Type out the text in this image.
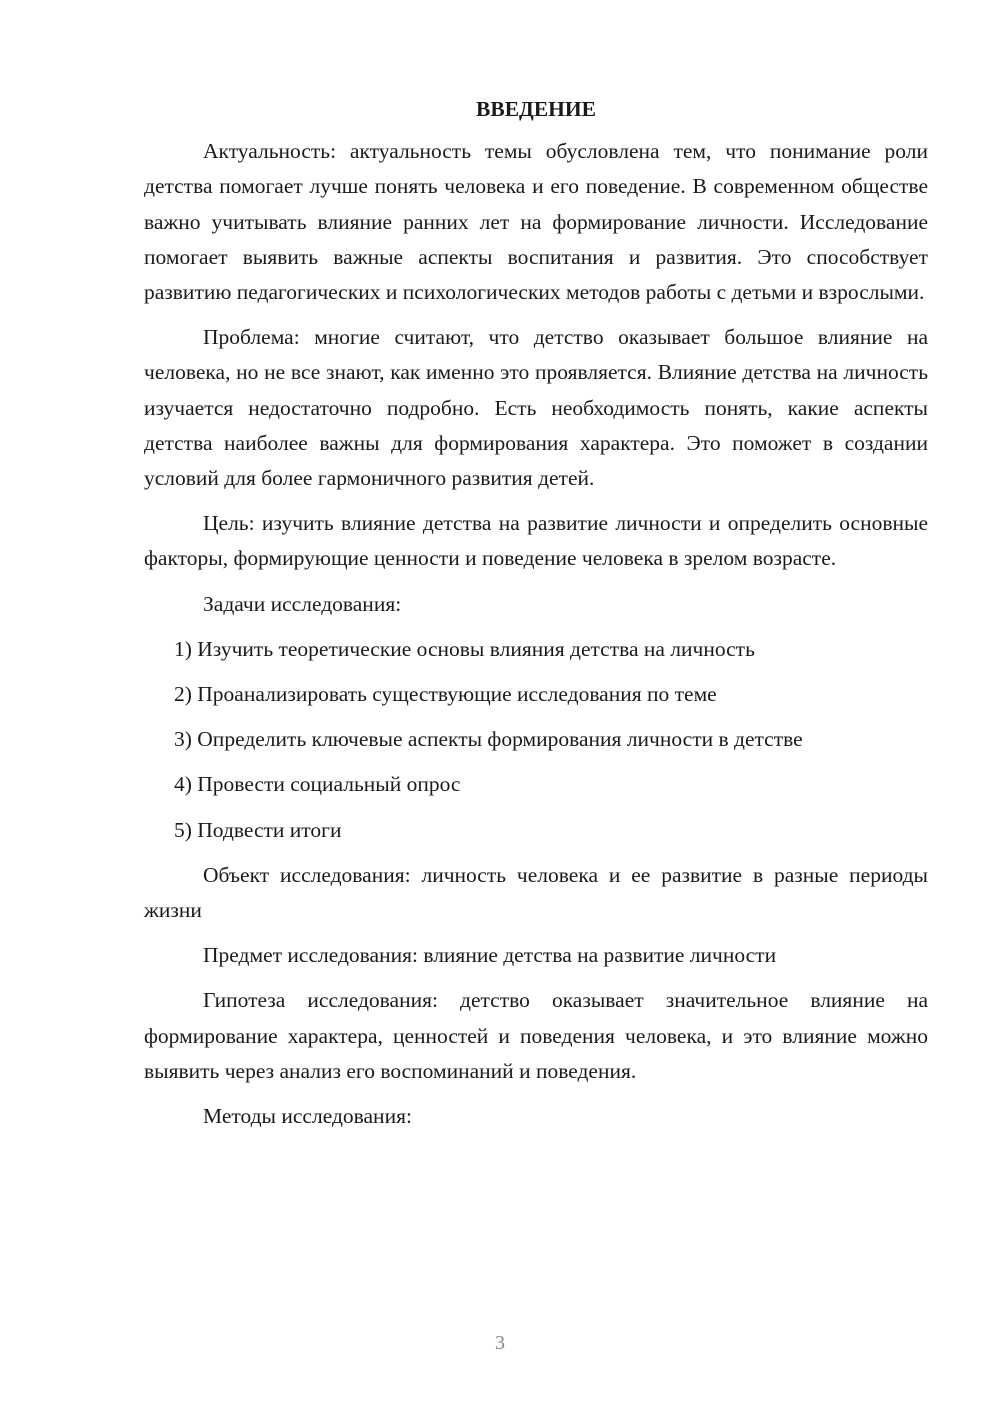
ВВЕДЕНИЕ

Актуальность: актуальность темы обусловлена тем, что понимание роли детства помогает лучше понять человека и его поведение. В современном обществе важно учитывать влияние ранних лет на формирование личности. Исследование помогает выявить важные аспекты воспитания и развития. Это способствует развитию педагогических и психологических методов работы с детьми и взрослыми.

Проблема: многие считают, что детство оказывает большое влияние на человека, но не все знают, как именно это проявляется. Влияние детства на личность изучается недостаточно подробно. Есть необходимость понять, какие аспекты детства наиболее важны для формирования характера. Это поможет в создании условий для более гармоничного развития детей.

Цель: изучить влияние детства на развитие личности и определить основные факторы, формирующие ценности и поведение человека в зрелом возрасте.

Задачи исследования:

1) Изучить теоретические основы влияния детства на личность

2) Проанализировать существующие исследования по теме

3) Определить ключевые аспекты формирования личности в детстве

4) Провести социальный опрос

5) Подвести итоги

Объект исследования: личность человека и ее развитие в разные периоды жизни

Предмет исследования: влияние детства на развитие личности

Гипотеза исследования: детство оказывает значительное влияние на формирование характера, ценностей и поведения человека, и это влияние можно выявить через анализ его воспоминаний и поведения.

Методы исследования:

3
